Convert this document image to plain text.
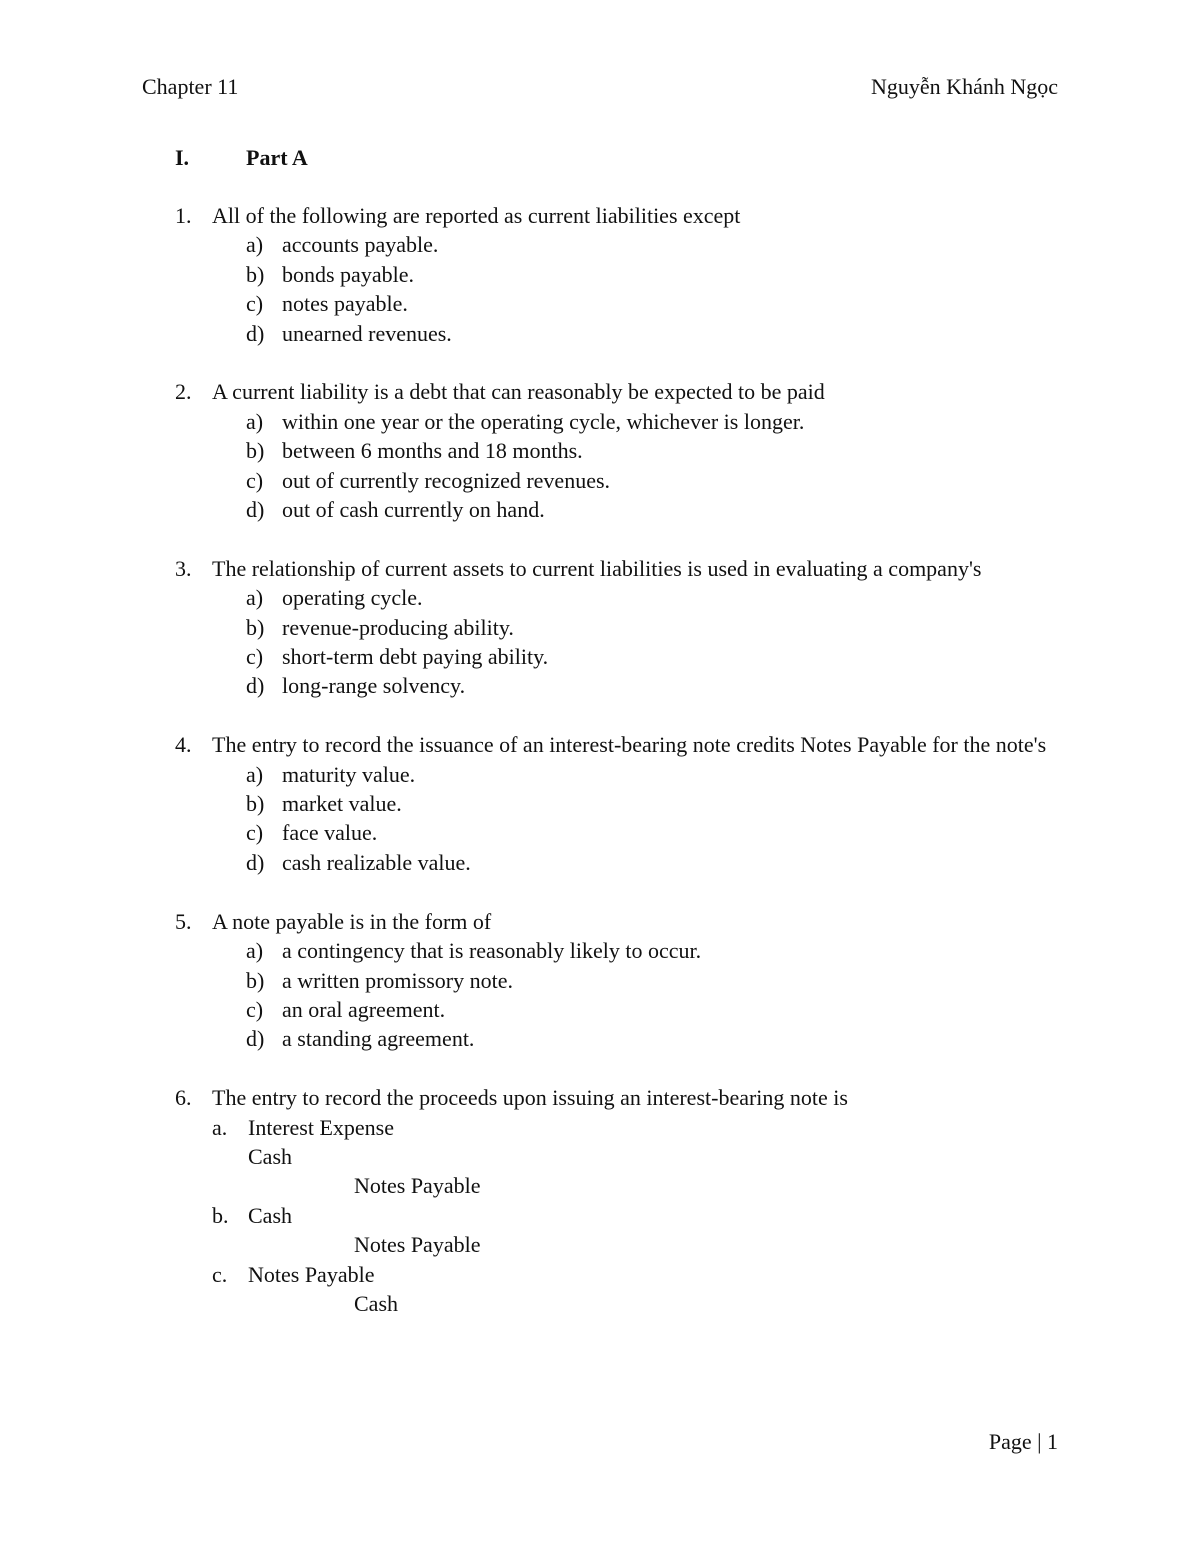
Chapter 11	Nguyễn Khánh Ngọc
I.	Part A
1. All of the following are reported as current liabilities except
a) accounts payable.
b) bonds payable.
c) notes payable.
d) unearned revenues.
2. A current liability is a debt that can reasonably be expected to be paid
a) within one year or the operating cycle, whichever is longer.
b) between 6 months and 18 months.
c) out of currently recognized revenues.
d) out of cash currently on hand.
3. The relationship of current assets to current liabilities is used in evaluating a company's
a) operating cycle.
b) revenue-producing ability.
c) short-term debt paying ability.
d) long-range solvency.
4. The entry to record the issuance of an interest-bearing note credits Notes Payable for the note's
a) maturity value.
b) market value.
c) face value.
d) cash realizable value.
5. A note payable is in the form of
a) a contingency that is reasonably likely to occur.
b) a written promissory note.
c) an oral agreement.
d) a standing agreement.
6. The entry to record the proceeds upon issuing an interest-bearing note is
a. Interest Expense
Cash
Notes Payable
b. Cash
Notes Payable
c. Notes Payable
Cash
Page | 1
